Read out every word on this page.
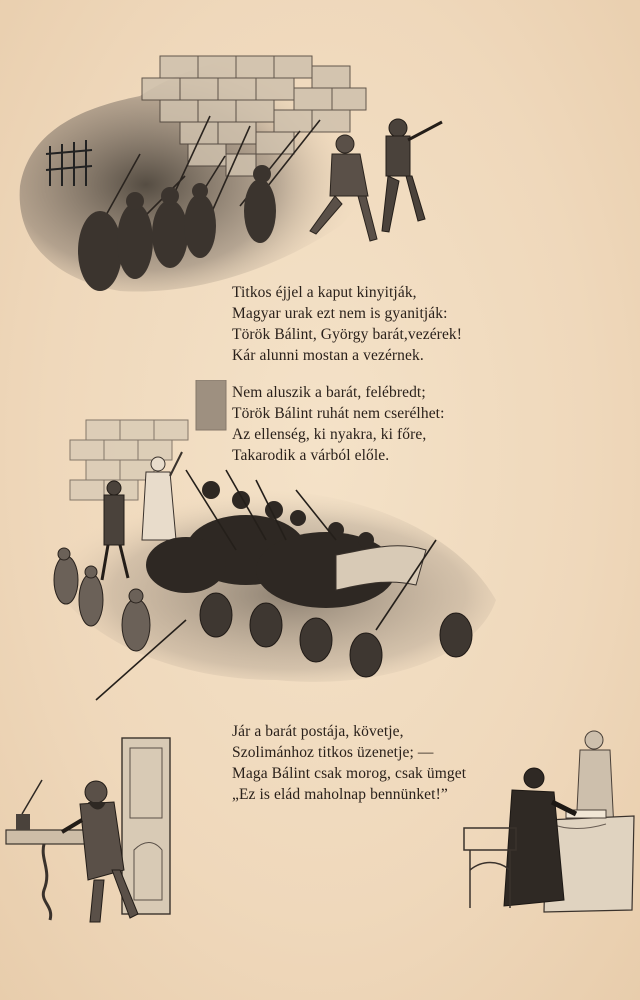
Titkos éjjel a kaput kinyitják,
Magyar urak ezt nem is gyanitják:
Török Bálint, György barát,vezérek!
Kár alunni mostan a vezérnek.
Nem aluszik a barát, felébredt;
Török Bálint ruhát nem cserélhet:
Az ellenség, ki nyakra, ki főre,
Takarodik a várból előle.
Jár a barát postája, követje,
Szolimánhoz titkos üzenetje; —
Maga Bálint csak morog, csak ümget
„Ez is elád maholnap bennünket!”
